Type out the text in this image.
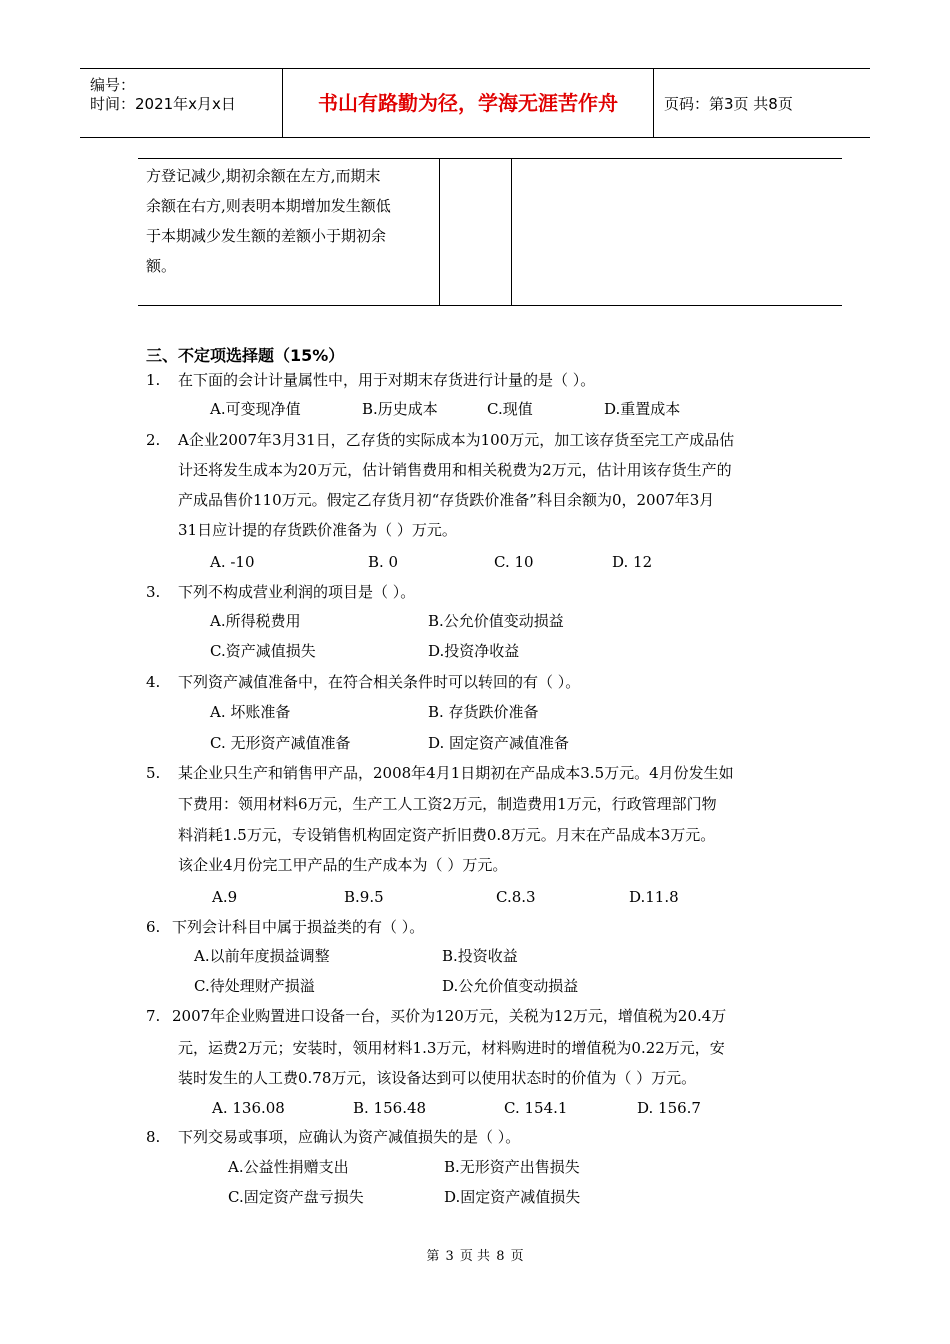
编号：
时间：2021年x月x日	书山有路勤为径，学海无涯苦作舟	页码：第3页 共8页
方登记减少,期初余额在左方,而期末
余额在右方,则表明本期增加发生额低
于本期减少发生额的差额小于期初余
额。
三、不定项选择题（15%）
1. 在下面的会计计量属性中，用于对期末存货进行计量的是（ ）。
A.可变现净值	B.历史成本	C.现值	D.重置成本
2. A企业2007年3月31日，乙存货的实际成本为100万元，加工该存货至完工产成品估
计还将发生成本为20万元，估计销售费用和相关税费为2万元，估计用该存货生产的
产成品售价110万元。假定乙存货月初“存货跌价准备”科目余额为0，2007年3月
31日应计提的存货跌价准备为（ ）万元。
A. -10	B. 0	C. 10	D. 12
3. 下列不构成营业利润的项目是（ ）。
A.所得税费用	B.公允价值变动损益
C.资产减值损失	D.投资净收益
4. 下列资产减值准备中，在符合相关条件时可以转回的有（ ）。
A. 坏账准备	B. 存货跌价准备
C. 无形资产减值准备	D. 固定资产减值准备
5. 某企业只生产和销售甲产品，2008年4月1日期初在产品成本3.5万元。4月份发生如
下费用：领用材料6万元，生产工人工资2万元，制造费用1万元，行政管理部门物
料消耗1.5万元，专设销售机构固定资产折旧费0.8万元。月末在产品成本3万元。
该企业4月份完工甲产品的生产成本为（ ）万元。
A.9	B.9.5	C.8.3	D.11.8
6. 下列会计科目中属于损益类的有（ ）。
A.以前年度损益调整	B.投资收益
C.待处理财产损溢	D.公允价值变动损益
7. 2007年企业购置进口设备一台，买价为120万元，关税为12万元，增值税为20.4万
元，运费2万元；安装时，领用材料1.3万元，材料购进时的增值税为0.22万元，安
装时发生的人工费0.78万元，该设备达到可以使用状态时的价值为（ ）万元。
A. 136.08	B. 156.48	C. 154.1	D. 156.7
8. 下列交易或事项，应确认为资产减值损失的是（ ）。
A.公益性捐赠支出	B.无形资产出售损失
C.固定资产盘亏损失	D.固定资产减值损失
第 3 页 共 8 页
